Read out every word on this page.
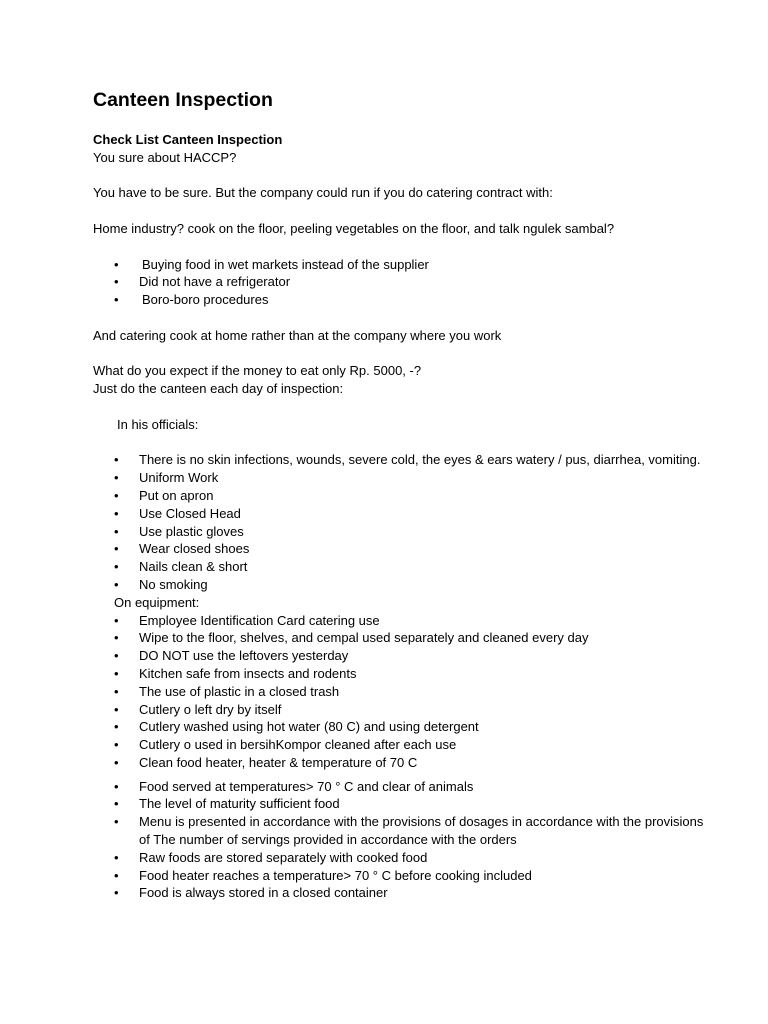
Canteen Inspection

Check List Canteen Inspection

You sure about HACCP?

You have to be sure. But the company could run if you do catering contract with:

Home industry? cook on the floor, peeling vegetables on the floor, and talk ngulek sambal?

• Buying food in wet markets instead of the supplier
• Did not have a refrigerator
• Boro-boro procedures

And catering cook at home rather than at the company where you work

What do you expect if the money to eat only Rp. 5000, -?

Just do the canteen each day of inspection:

In his officials:

• There is no skin infections, wounds, severe cold, the eyes & ears watery / pus, diarrhea, vomiting.
• Uniform Work
• Put on apron
• Use Closed Head
• Use plastic gloves
• Wear closed shoes
• Nails clean & short
• No smoking

On equipment:

• Employee Identification Card catering use
• Wipe to the floor, shelves, and cempal used separately and cleaned every day
• DO NOT use the leftovers yesterday
• Kitchen safe from insects and rodents
• The use of plastic in a closed trash
• Cutlery o left dry by itself
• Cutlery washed using hot water (80 C) and using detergent
• Cutlery o used in bersihKompor cleaned after each use
• Clean food heater, heater & temperature of 70 C
• Food served at temperatures> 70 ° C and clear of animals
• The level of maturity sufficient food
• Menu is presented in accordance with the provisions of dosages in accordance with the provisions of The number of servings provided in accordance with the orders
• Raw foods are stored separately with cooked food
• Food heater reaches a temperature> 70 ° C before cooking included
• Food is always stored in a closed container
